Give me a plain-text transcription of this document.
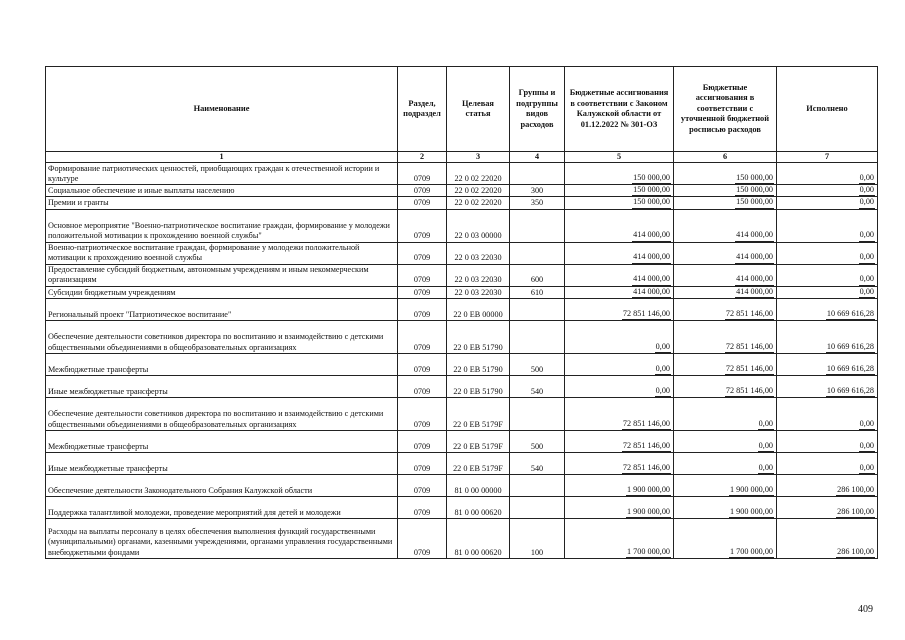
Наименование	Раздел, подраздел	Целевая статья	Группы и подгруппы видов расходов	Бюджетные ассигнования в соответствии с Законом Калужской области от 01.12.2022 № 301-ОЗ	Бюджетные ассигнования в соответствии с уточненной бюджетной росписью расходов	Исполнено
1	2	3	4	5	6	7
Формирование патриотических ценностей, приобщающих граждан к отечественной истории и культуре	0709	22 0 02 22020		150 000,00	150 000,00	0,00
Социальное обеспечение и иные выплаты населению	0709	22 0 02 22020	300	150 000,00	150 000,00	0,00
Премии и гранты	0709	22 0 02 22020	350	150 000,00	150 000,00	0,00
Основное мероприятие "Военно-патриотическое воспитание граждан, формирование у молодежи положительной мотивации к прохождению военной службы"	0709	22 0 03 00000		414 000,00	414 000,00	0,00
Военно-патриотическое воспитание граждан, формирование у молодежи положительной мотивации к прохождению военной службы	0709	22 0 03 22030		414 000,00	414 000,00	0,00
Предоставление субсидий бюджетным, автономным учреждениям и иным некоммерческим организациям	0709	22 0 03 22030	600	414 000,00	414 000,00	0,00
Субсидии бюджетным учреждениям	0709	22 0 03 22030	610	414 000,00	414 000,00	0,00
Региональный проект "Патриотическое воспитание"	0709	22 0 EB 00000		72 851 146,00	72 851 146,00	10 669 616,28
Обеспечение деятельности советников директора по воспитанию и взаимодействию с детскими общественными объединениями в общеобразовательных организациях	0709	22 0 EB 51790		0,00	72 851 146,00	10 669 616,28
Межбюджетные трансферты	0709	22 0 EB 51790	500	0,00	72 851 146,00	10 669 616,28
Иные межбюджетные трансферты	0709	22 0 EB 51790	540	0,00	72 851 146,00	10 669 616,28
Обеспечение деятельности советников директора по воспитанию и взаимодействию с детскими общественными объединениями в общеобразовательных организациях	0709	22 0 EB 5179F		72 851 146,00	0,00	0,00
Межбюджетные трансферты	0709	22 0 EB 5179F	500	72 851 146,00	0,00	0,00
Иные межбюджетные трансферты	0709	22 0 EB 5179F	540	72 851 146,00	0,00	0,00
Обеспечение деятельности Законодательного Собрания Калужской области	0709	81 0 00 00000		1 900 000,00	1 900 000,00	286 100,00
Поддержка талантливой молодежи, проведение мероприятий для детей и молодежи	0709	81 0 00 00620		1 900 000,00	1 900 000,00	286 100,00
Расходы на выплаты персоналу в целях обеспечения выполнения функций государственными (муниципальными) органами, казенными учреждениями, органами управления государственными внебюджетными фондами	0709	81 0 00 00620	100	1 700 000,00	1 700 000,00	286 100,00
409
